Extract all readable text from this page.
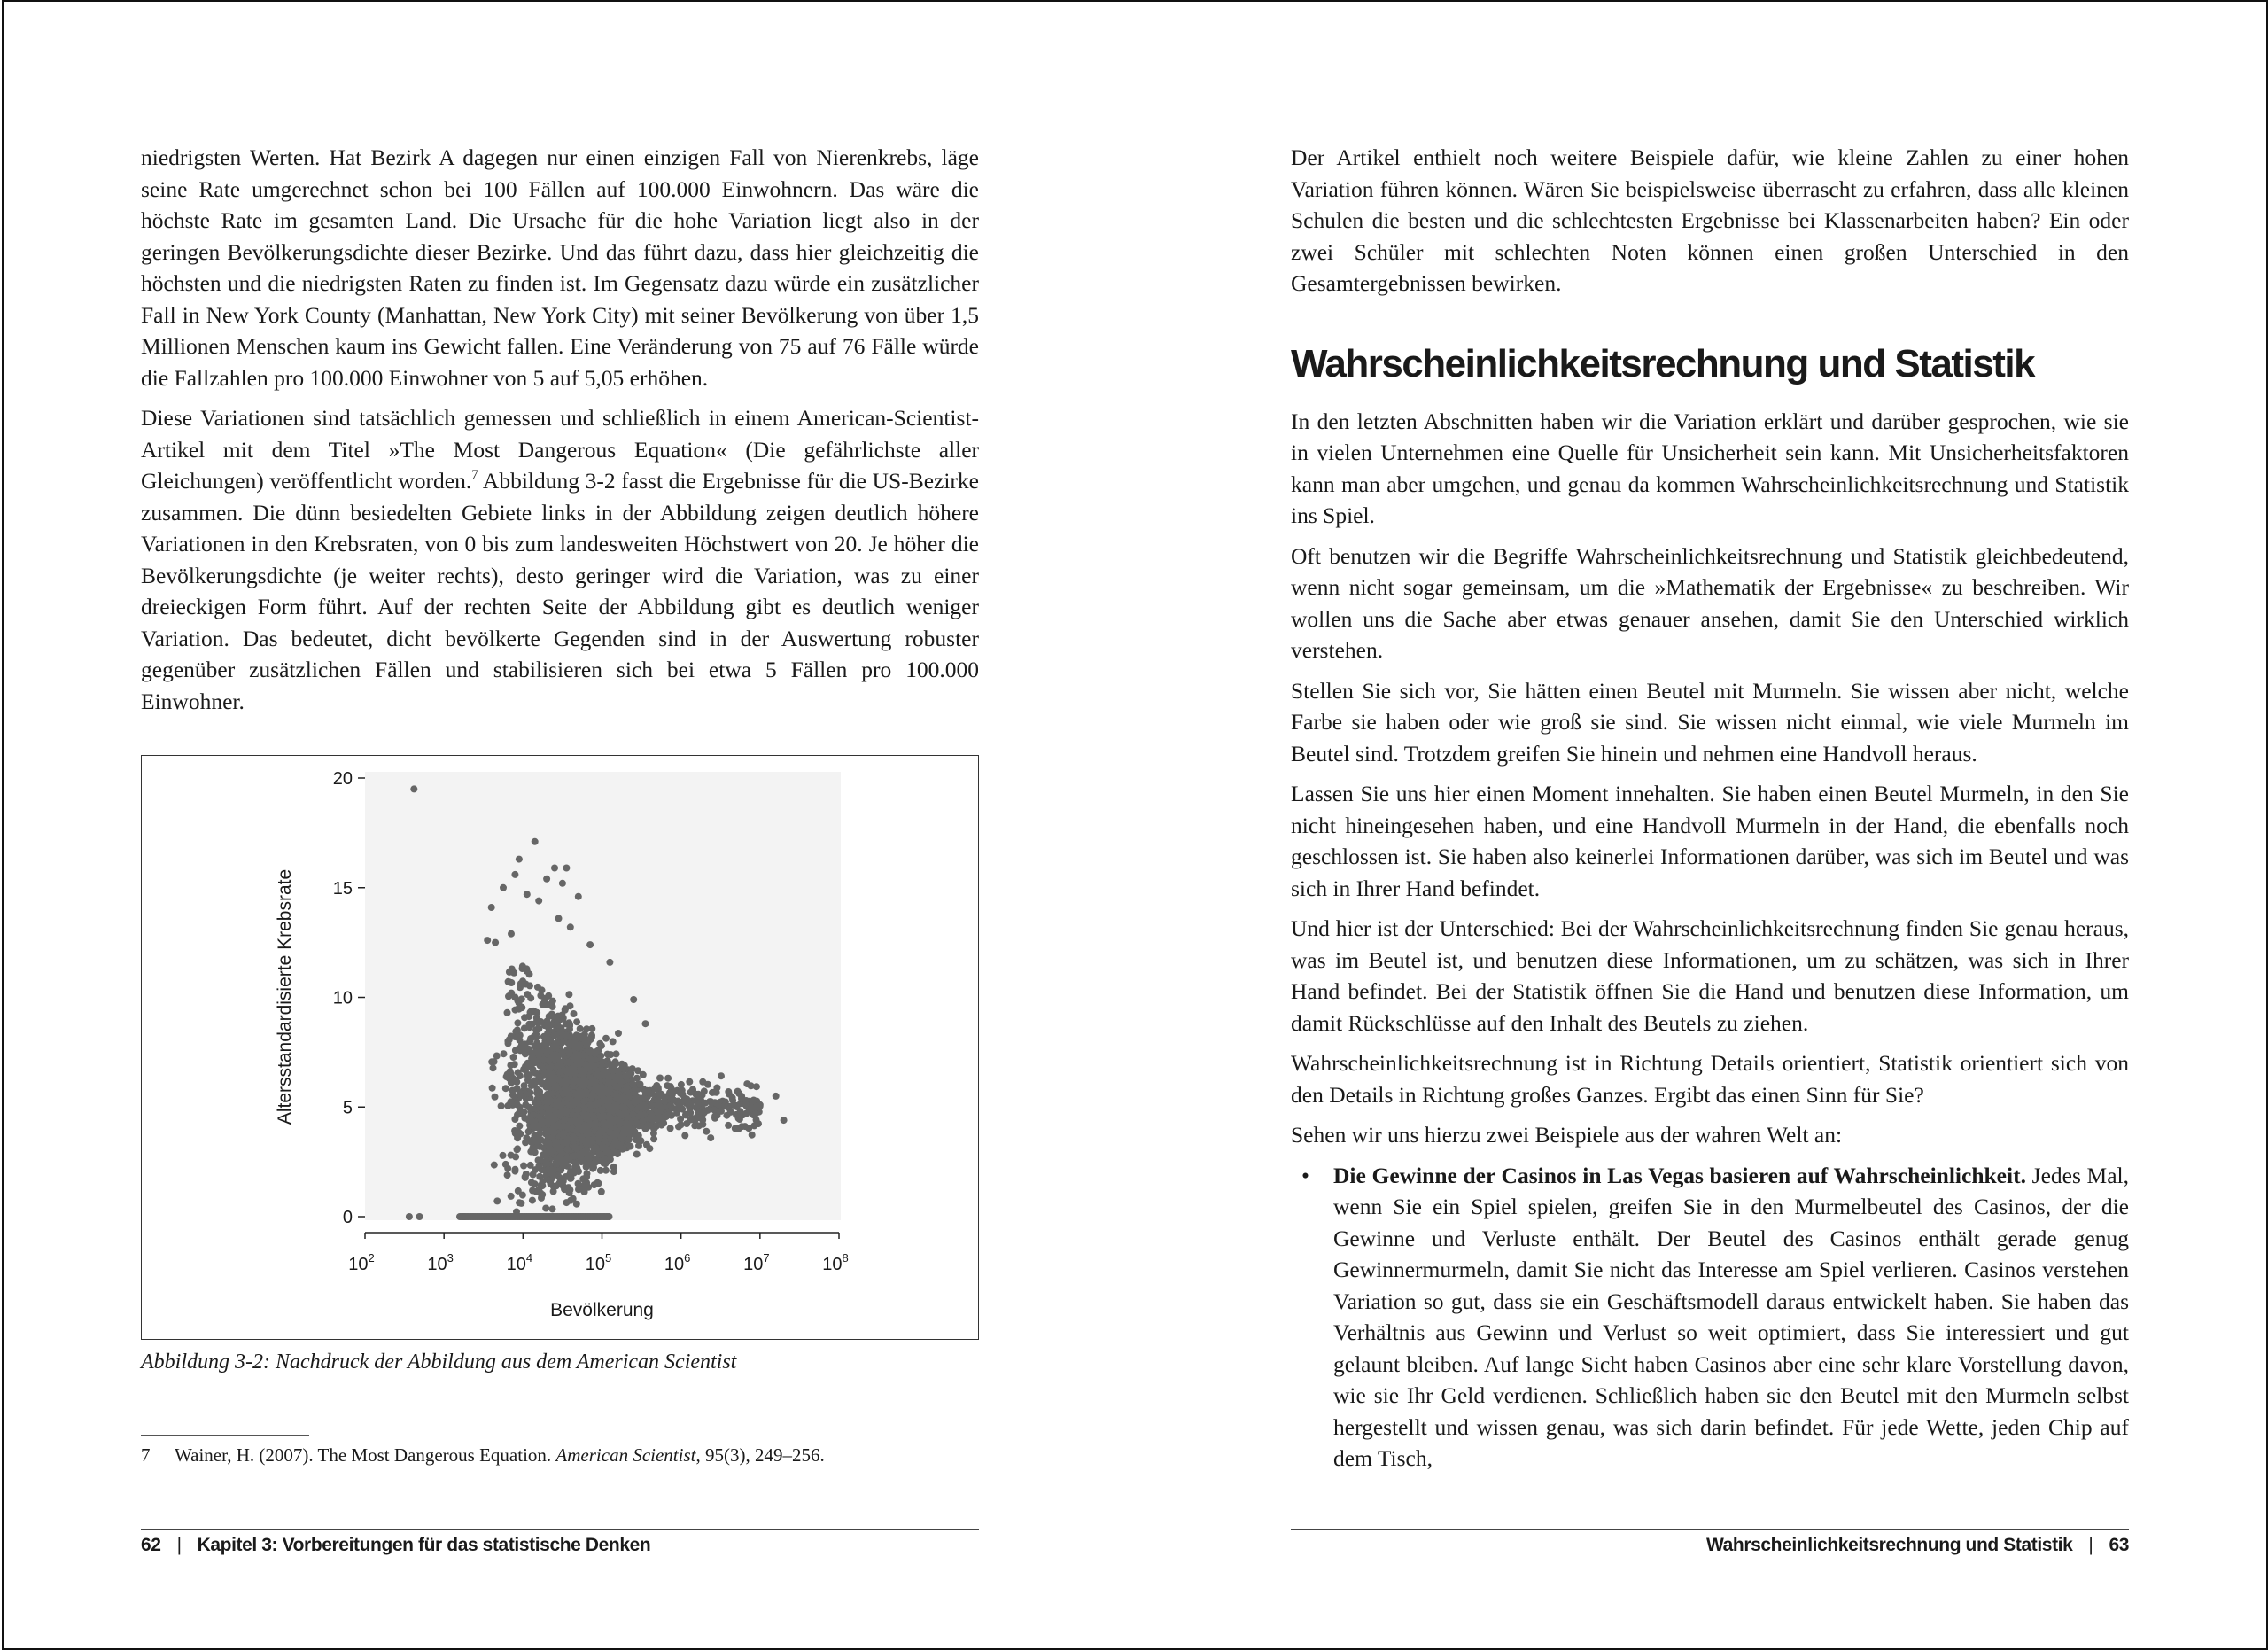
niedrigsten Werten. Hat Bezirk A dagegen nur einen einzigen Fall von Nierenkrebs, läge seine Rate umgerechnet schon bei 100 Fällen auf 100.000 Einwohnern. Das wäre die höchste Rate im gesamten Land. Die Ursache für die hohe Variation liegt also in der geringen Bevölkerungsdichte dieser Bezirke. Und das führt dazu, dass hier gleichzeitig die höchsten und die niedrigsten Raten zu finden ist. Im Gegensatz dazu würde ein zusätzlicher Fall in New York County (Manhattan, New York City) mit seiner Bevölkerung von über 1,5 Millionen Menschen kaum ins Gewicht fallen. Eine Veränderung von 75 auf 76 Fälle würde die Fallzahlen pro 100.000 Einwohner von 5 auf 5,05 erhöhen.

Diese Variationen sind tatsächlich gemessen und schließlich in einem American-Scientist-Artikel mit dem Titel »The Most Dangerous Equation« (Die gefährlichste aller Gleichungen) veröffentlicht worden.$^7$ Abbildung 3-2 fasst die Ergebnisse für die US-Bezirke zusammen. Die dünn besiedelten Gebiete links in der Abbildung zeigen deutlich höhere Variationen in den Krebsraten, von 0 bis zum landesweiten Höchstwert von 20. Je höher die Bevölkerungsdichte (je weiter rechts), desto geringer wird die Variation, was zu einer dreieckigen Form führt. Auf der rechten Seite der Abbildung gibt es deutlich weniger Variation. Das bedeutet, dicht bevölkerte Gegenden sind in der Auswertung robuster gegenüber zusätzlichen Fällen und stabilisieren sich bei etwa 5 Fällen pro 100.000 Einwohner.

0
5
10
15
20
$10^2$	$10^3$	$10^4$	$10^5$	$10^6$	$10^7$	$10^8$
Bevölkerung
Altersstandardisierte Krebsrate
Abbildung 3-2: Nachdruck der Abbildung aus dem American Scientist
7 Wainer, H. (2007). The Most Dangerous Equation. American Scientist, 95(3), 249–256.
62 | Kapitel 3: Vorbereitungen für das statistische Denken

Der Artikel enthielt noch weitere Beispiele dafür, wie kleine Zahlen zu einer hohen Variation führen können. Wären Sie beispielsweise überrascht zu erfahren, dass alle kleinen Schulen die besten und die schlechtesten Ergebnisse bei Klassenarbeiten haben? Ein oder zwei Schüler mit schlechten Noten können einen großen Unterschied in den Gesamtergebnissen bewirken.

Wahrscheinlichkeitsrechnung und Statistik

In den letzten Abschnitten haben wir die Variation erklärt und darüber gesprochen, wie sie in vielen Unternehmen eine Quelle für Unsicherheit sein kann. Mit Unsicherheitsfaktoren kann man aber umgehen, und genau da kommen Wahrscheinlichkeitsrechnung und Statistik ins Spiel.

Oft benutzen wir die Begriffe Wahrscheinlichkeitsrechnung und Statistik gleichbedeutend, wenn nicht sogar gemeinsam, um die »Mathematik der Ergebnisse« zu beschreiben. Wir wollen uns die Sache aber etwas genauer ansehen, damit Sie den Unterschied wirklich verstehen.

Stellen Sie sich vor, Sie hätten einen Beutel mit Murmeln. Sie wissen aber nicht, welche Farbe sie haben oder wie groß sie sind. Sie wissen nicht einmal, wie viele Murmeln im Beutel sind. Trotzdem greifen Sie hinein und nehmen eine Handvoll heraus.

Lassen Sie uns hier einen Moment innehalten. Sie haben einen Beutel Murmeln, in den Sie nicht hineingesehen haben, und eine Handvoll Murmeln in der Hand, die ebenfalls noch geschlossen ist. Sie haben also keinerlei Informationen darüber, was sich im Beutel und was sich in Ihrer Hand befindet.

Und hier ist der Unterschied: Bei der Wahrscheinlichkeitsrechnung finden Sie genau heraus, was im Beutel ist, und benutzen diese Informationen, um zu schätzen, was sich in Ihrer Hand befindet. Bei der Statistik öffnen Sie die Hand und benutzen diese Information, um damit Rückschlüsse auf den Inhalt des Beutels zu ziehen.

Wahrscheinlichkeitsrechnung ist in Richtung Details orientiert, Statistik orientiert sich von den Details in Richtung großes Ganzes. Ergibt das einen Sinn für Sie?

Sehen wir uns hierzu zwei Beispiele aus der wahren Welt an:

• Die Gewinne der Casinos in Las Vegas basieren auf Wahrscheinlichkeit. Jedes Mal, wenn Sie ein Spiel spielen, greifen Sie in den Murmelbeutel des Casinos, der die Gewinne und Verluste enthält. Der Beutel des Casinos enthält gerade genug Gewinnermurmeln, damit Sie nicht das Interesse am Spiel verlieren. Casinos verstehen Variation so gut, dass sie ein Geschäftsmodell daraus entwickelt haben. Sie haben das Verhältnis aus Gewinn und Verlust so weit optimiert, dass Sie interessiert und gut gelaunt bleiben. Auf lange Sicht haben Casinos aber eine sehr klare Vorstellung davon, wie sie Ihr Geld verdienen. Schließlich haben sie den Beutel mit den Murmeln selbst hergestellt und wissen genau, was sich darin befindet. Für jede Wette, jeden Chip auf dem Tisch,
Wahrscheinlichkeitsrechnung und Statistik | 63
